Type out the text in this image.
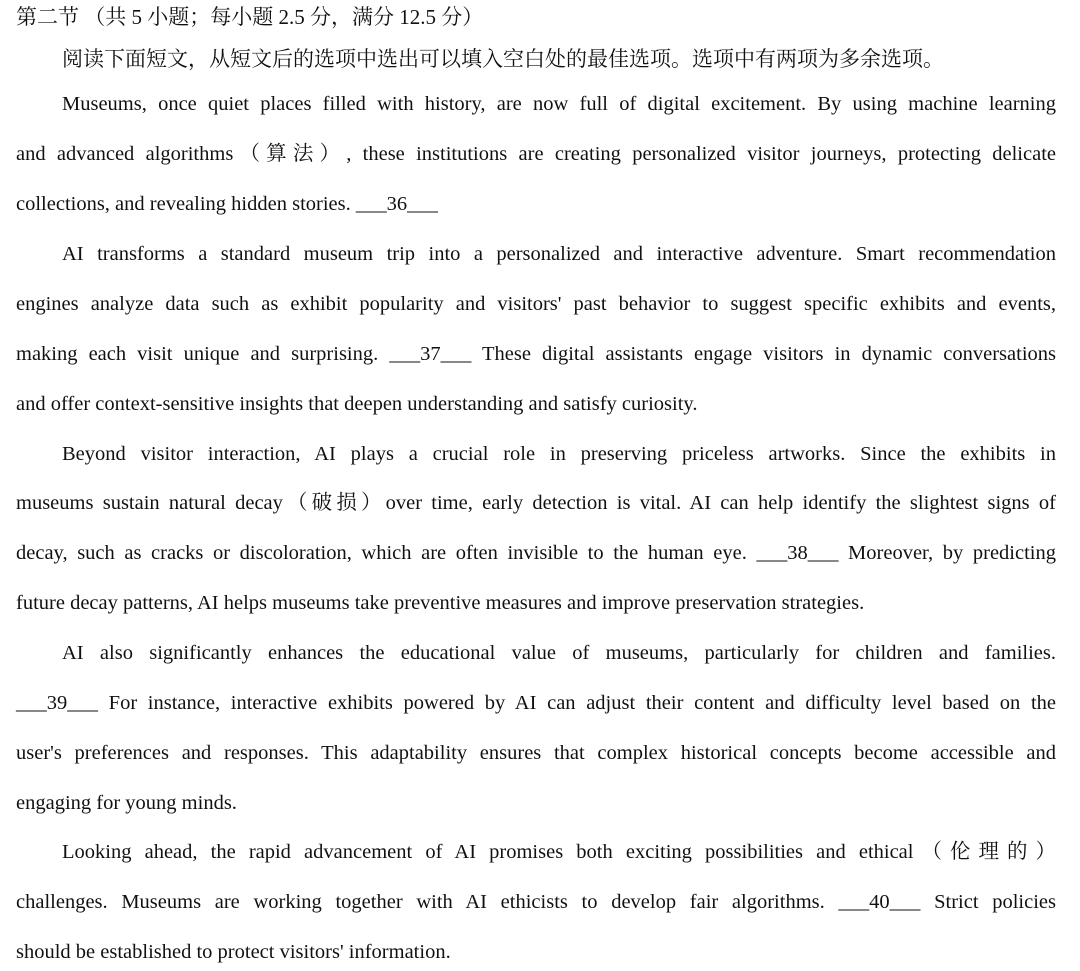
第二节 （共 5 小题；每小题 2.5 分，满分 12.5 分）
阅读下面短文，从短文后的选项中选出可以填入空白处的最佳选项。选项中有两项为多余选项。
Museums, once quiet places filled with history, are now full of digital excitement. By using machine learning
and advanced algorithms（算法）, these institutions are creating personalized visitor journeys, protecting delicate
collections, and revealing hidden stories. ___36___
AI transforms a standard museum trip into a personalized and interactive adventure. Smart recommendation
engines analyze data such as exhibit popularity and visitors' past behavior to suggest specific exhibits and events,
making each visit unique and surprising. ___37___ These digital assistants engage visitors in dynamic conversations
and offer context-sensitive insights that deepen understanding and satisfy curiosity.
Beyond visitor interaction, AI plays a crucial role in preserving priceless artworks. Since the exhibits in
museums sustain natural decay（破损）over time, early detection is vital. AI can help identify the slightest signs of
decay, such as cracks or discoloration, which are often invisible to the human eye. ___38___ Moreover, by predicting
future decay patterns, AI helps museums take preventive measures and improve preservation strategies.
AI also significantly enhances the educational value of museums, particularly for children and families.
___39___ For instance, interactive exhibits powered by AI can adjust their content and difficulty level based on the
user's preferences and responses. This adaptability ensures that complex historical concepts become accessible and
engaging for young minds.
Looking ahead, the rapid advancement of AI promises both exciting possibilities and ethical（伦理的）
challenges. Museums are working together with AI ethicists to develop fair algorithms. ___40___ Strict policies
should be established to protect visitors' information.
